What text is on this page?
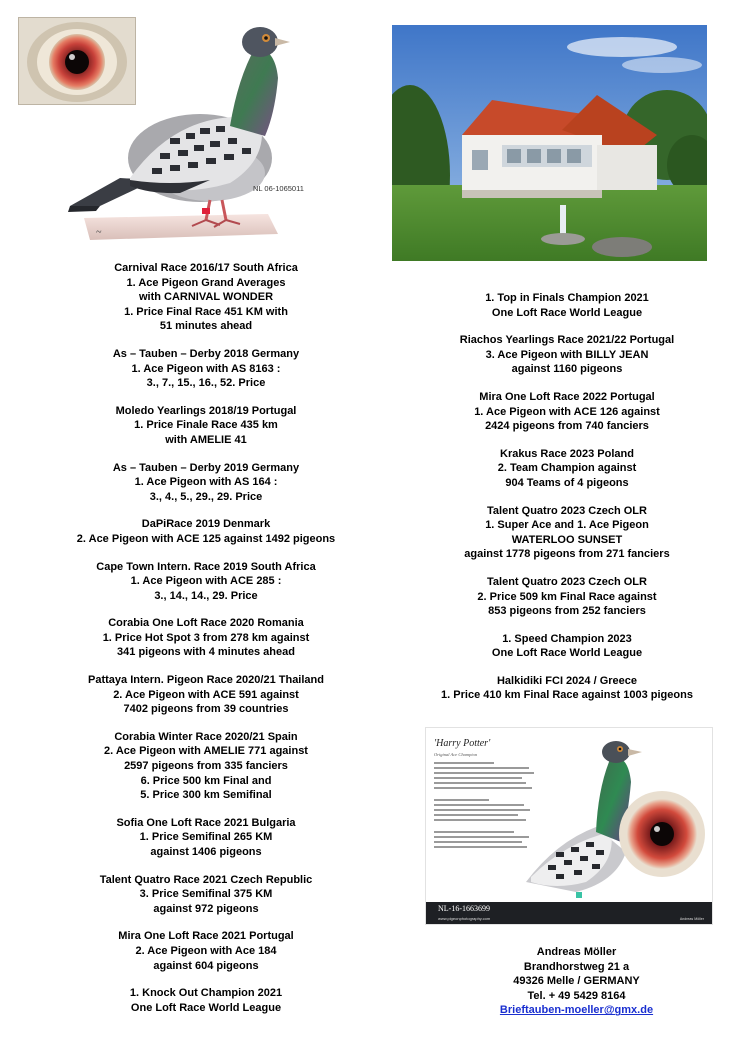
~
NL 06-1065011
Carnival Race 2016/17 South Africa
1. Ace Pigeon Grand Averages
with CARNIVAL WONDER
1. Price Final Race 451 KM with
51 minutes ahead
As – Tauben – Derby 2018 Germany
1. Ace Pigeon with AS 8163 :
3., 7., 15., 16., 52. Price
Moledo Yearlings 2018/19 Portugal
1. Price Finale Race 435 km
with AMELIE 41
As – Tauben – Derby 2019 Germany
1. Ace Pigeon with AS 164 :
3., 4., 5., 29., 29. Price
DaPiRace 2019 Denmark
2. Ace Pigeon with ACE 125 against 1492 pigeons
Cape Town Intern. Race 2019 South Africa
1. Ace Pigeon with ACE 285 :
3., 14., 14., 29. Price
Corabia One Loft Race 2020 Romania
1. Price Hot Spot 3 from 278 km against
341 pigeons with 4 minutes ahead
Pattaya Intern. Pigeon Race 2020/21 Thailand
2. Ace Pigeon with ACE 591 against
7402 pigeons from 39 countries
Corabia Winter Race 2020/21 Spain
2. Ace Pigeon with AMELIE 771 against
2597 pigeons from 335 fanciers
6. Price 500 km Final and
5. Price 300 km Semifinal
Sofia One Loft Race 2021 Bulgaria
1. Price Semifinal 265 KM
against 1406 pigeons
Talent Quatro Race 2021 Czech Republic
3. Price Semifinal 375 KM
against 972 pigeons
Mira One Loft Race 2021 Portugal
2. Ace Pigeon with Ace 184
against 604 pigeons
1. Knock Out Champion 2021
One Loft Race World League
1. Top in Finals Champion 2021
One Loft Race World League
Riachos Yearlings Race 2021/22 Portugal
3. Ace Pigeon with BILLY JEAN
against 1160 pigeons
Mira One Loft Race 2022 Portugal
1. Ace Pigeon with ACE 126 against
2424 pigeons from 740 fanciers
Krakus Race 2023 Poland
2. Team Champion against
904 Teams of 4 pigeons
Talent Quatro 2023 Czech OLR
1. Super Ace and 1. Ace Pigeon
WATERLOO SUNSET
against 1778 pigeons from 271 fanciers
Talent Quatro 2023 Czech OLR
2. Price 509 km Final Race against
853 pigeons from 252 fanciers
1. Speed Champion 2023
One Loft Race World League
Halkidiki FCI 2024 / Greece
1. Price 410 km Final Race against 1003 pigeons
'Harry Potter'
Original Ace Champion
NL-16-1663699
www.pigeonphotography.com	Andreas Möller
Andreas Möller
Brandhorstweg 21 a
49326 Melle / GERMANY
Tel. + 49 5429 8164
Brieftauben-moeller@gmx.de
